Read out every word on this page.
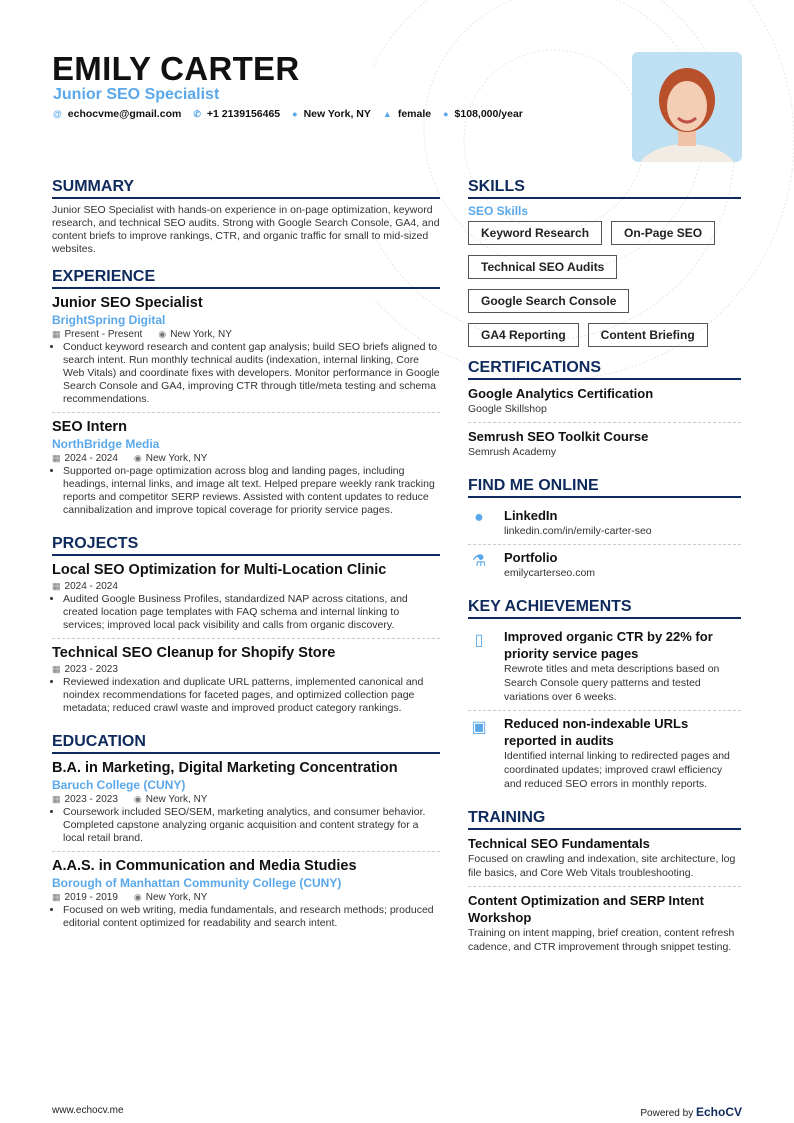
EMILY CARTER
Junior SEO Specialist
@ echocvme@gmail.com ✆ +1 2139156465 ● New York, NY ▲ female ● $108,000/year
SUMMARY

Junior SEO Specialist with hands-on experience in on-page optimization, keyword research, and technical SEO audits. Strong with Google Search Console, GA4, and content briefs to improve rankings, CTR, and organic traffic for small to mid-sized websites.

EXPERIENCE
Junior SEO Specialist
BrightSpring Digital
▦ Present - Present ◉ New York, NY
• Conduct keyword research and content gap analysis; build SEO briefs aligned to search intent. Run monthly technical audits (indexation, internal linking, Core Web Vitals) and coordinate fixes with developers. Monitor performance in Google Search Console and GA4, improving CTR through title/meta testing and schema recommendations.
SEO Intern
NorthBridge Media
▦ 2024 - 2024 ◉ New York, NY
• Supported on-page optimization across blog and landing pages, including headings, internal links, and image alt text. Helped prepare weekly rank tracking reports and competitor SERP reviews. Assisted with content updates to reduce cannibalization and improve topical coverage for priority service pages.
PROJECTS
Local SEO Optimization for Multi-Location Clinic
▦ 2024 - 2024
• Audited Google Business Profiles, standardized NAP across citations, and created location page templates with FAQ schema and internal linking to services; improved local pack visibility and calls from organic discovery.
Technical SEO Cleanup for Shopify Store
▦ 2023 - 2023
• Reviewed indexation and duplicate URL patterns, implemented canonical and noindex recommendations for faceted pages, and optimized collection page metadata; reduced crawl waste and improved product category rankings.
EDUCATION
B.A. in Marketing, Digital Marketing Concentration
Baruch College (CUNY)
▦ 2023 - 2023 ◉ New York, NY
• Coursework included SEO/SEM, marketing analytics, and consumer behavior. Completed capstone analyzing organic acquisition and content strategy for a local retail brand.
A.A.S. in Communication and Media Studies
Borough of Manhattan Community College (CUNY)
▦ 2019 - 2019 ◉ New York, NY
• Focused on web writing, media fundamentals, and research methods; produced editorial content optimized for readability and search intent.
SKILLS
SEO Skills
Keyword Research	On-Page SEO
Technical SEO Audits
Google Search Console
GA4 Reporting	Content Briefing
CERTIFICATIONS
Google Analytics Certification
Google Skillshop
Semrush SEO Toolkit Course
Semrush Academy
FIND ME ONLINE
●	LinkedIn
linkedin.com/in/emily-carter-seo
⚗ Portfolio
emilycarterseo.com
KEY ACHIEVEMENTS
▯	Improved organic CTR by 22% for priority service pages
Rewrote titles and meta descriptions based on Search Console query patterns and tested variations over 6 weeks.
▣ Reduced non-indexable URLs reported in audits
Identified internal linking to redirected pages and coordinated updates; improved crawl efficiency and reduced SEO errors in monthly reports.
TRAINING
Technical SEO Fundamentals
Focused on crawling and indexation, site architecture, log file basics, and Core Web Vitals troubleshooting.
Content Optimization and SERP Intent Workshop
Training on intent mapping, brief creation, content refresh cadence, and CTR improvement through snippet testing.
www.echocv.me	Powered by EchoCV
